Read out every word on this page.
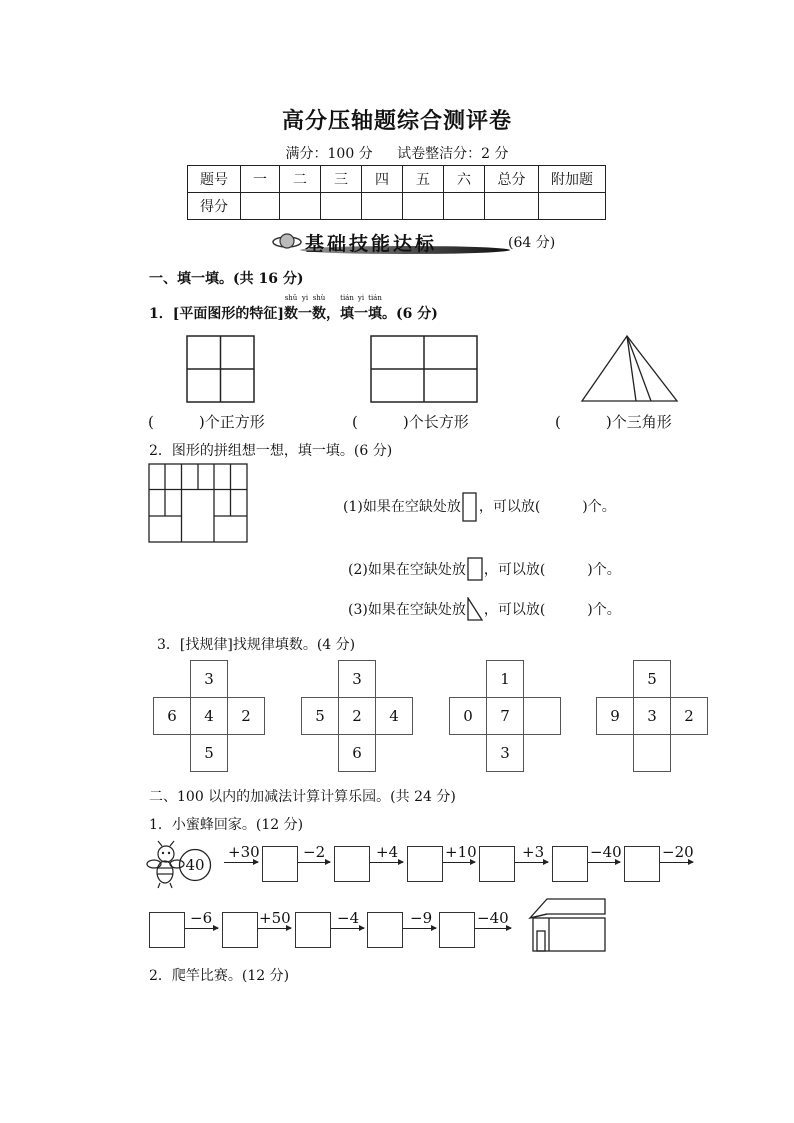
高分压轴题综合测评卷
满分：100 分 试卷整洁分：2 分
题号	一	二	三	四	五	六	总分	附加题
得分								
基础技能达标	(64 分)
一、填一填。(共 16 分)
1．[平面图形的特征]
shǔ
数
yi
一
shù
数，
tián
填
yi
一
tián
填。(6 分)
(　　　)个正方形	(　　　)个长方形	(　　　)个三角形
2．图形的拼组想一想，填一填。(6 分)
(1)如果在空缺处放 ，可以放(　　　)个。
(2)如果在空缺处放 ，可以放(　　　)个。
(3)如果在空缺处放 ，可以放(　　　)个。
3．[找规律]找规律填数。(4 分)
	3	
6	4	2
	5	
	3	
5	2	4
	6	
	1	
0	7	
	3	
	5	
9	3	2

二、100 以内的加减法计算计算乐园。(共 24 分)
1．小蜜蜂回家。(12 分)
40
+30	−2	+4	+10	+3	−40	−20
−6	+50	−4	−9	−40
2．爬竿比赛。(12 分)
